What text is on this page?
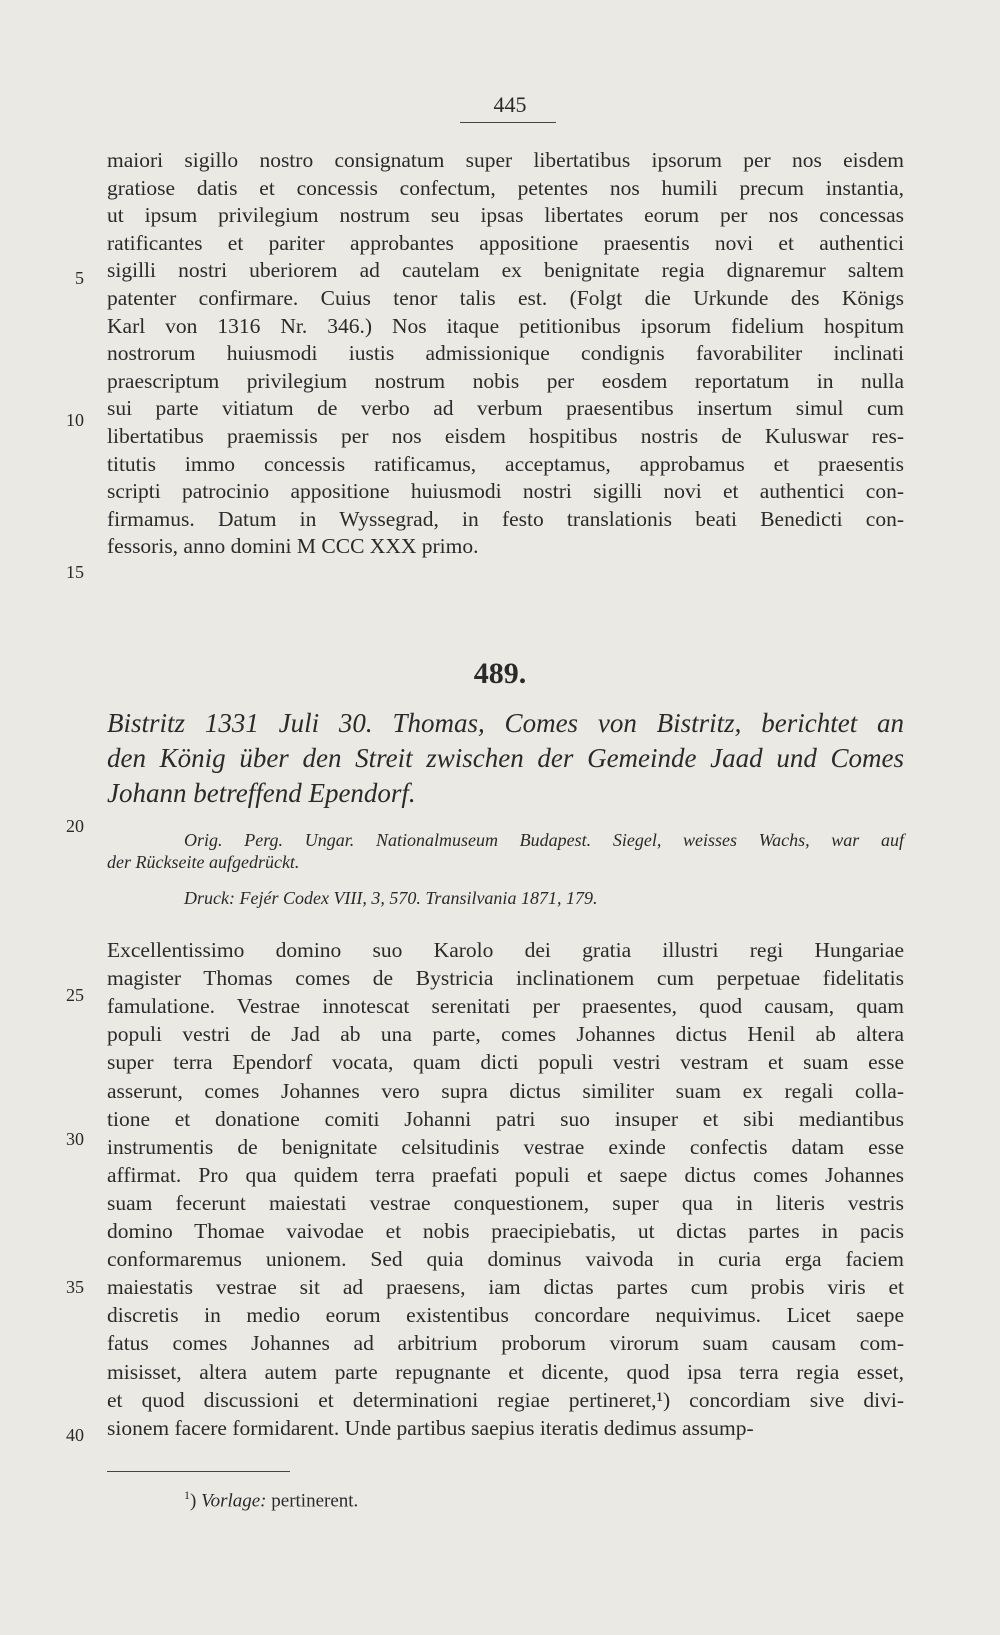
445
maiori sigillo nostro consignatum super libertatibus ipsorum per nos eisdem
gratiose datis et concessis confectum, petentes nos humili precum instantia,
ut ipsum privilegium nostrum seu ipsas libertates eorum per nos concessas
ratificantes et pariter approbantes appositione praesentis novi et authentici
sigilli nostri uberiorem ad cautelam ex benignitate regia dignaremur saltem
patenter confirmare. Cuius tenor talis est. (Folgt die Urkunde des Königs
Karl von 1316 Nr. 346.) Nos itaque petitionibus ipsorum fidelium hospitum
nostrorum huiusmodi iustis admissionique condignis favorabiliter inclinati
praescriptum privilegium nostrum nobis per eosdem reportatum in nulla
sui parte vitiatum de verbo ad verbum praesentibus insertum simul cum
libertatibus praemissis per nos eisdem hospitibus nostris de Kuluswar res-
titutis immo concessis ratificamus, acceptamus, approbamus et praesentis
scripti patrocinio appositione huiusmodi nostri sigilli novi et authentici con-
firmamus. Datum in Wyssegrad, in festo translationis beati Benedicti con-
fessoris, anno domini M CCC XXX primo.
5
10
15
489.
Bistritz 1331 Juli 30. Thomas, Comes von Bistritz, berichtet an
den König über den Streit zwischen der Gemeinde Jaad und Comes
Johann betreffend Ependorf.
Orig. Perg. Ungar. Nationalmuseum Budapest. Siegel, weisses Wachs, war auf
der Rückseite aufgedrückt.
Druck: Fejér Codex VIII, 3, 570. Transilvania 1871, 179.
Excellentissimo domino suo Karolo dei gratia illustri regi Hungariae
magister Thomas comes de Bystricia inclinationem cum perpetuae fidelitatis
famulatione. Vestrae innotescat serenitati per praesentes, quod causam, quam
populi vestri de Jad ab una parte, comes Johannes dictus Henil ab altera
super terra Ependorf vocata, quam dicti populi vestri vestram et suam esse
asserunt, comes Johannes vero supra dictus similiter suam ex regali colla-
tione et donatione comiti Johanni patri suo insuper et sibi mediantibus
instrumentis de benignitate celsitudinis vestrae exinde confectis datam esse
affirmat. Pro qua quidem terra praefati populi et saepe dictus comes Johannes
suam fecerunt maiestati vestrae conquestionem, super qua in literis vestris
domino Thomae vaivodae et nobis praecipiebatis, ut dictas partes in pacis
conformaremus unionem. Sed quia dominus vaivoda in curia erga faciem
maiestatis vestrae sit ad praesens, iam dictas partes cum probis viris et
discretis in medio eorum existentibus concordare nequivimus. Licet saepe
fatus comes Johannes ad arbitrium proborum virorum suam causam com-
misisset, altera autem parte repugnante et dicente, quod ipsa terra regia esset,
et quod discussioni et determinationi regiae pertineret,¹) concordiam sive divi-
sionem facere formidarent. Unde partibus saepius iteratis dedimus assump-
20
25
30
35
40
$^1$) Vorlage: pertinerent.
